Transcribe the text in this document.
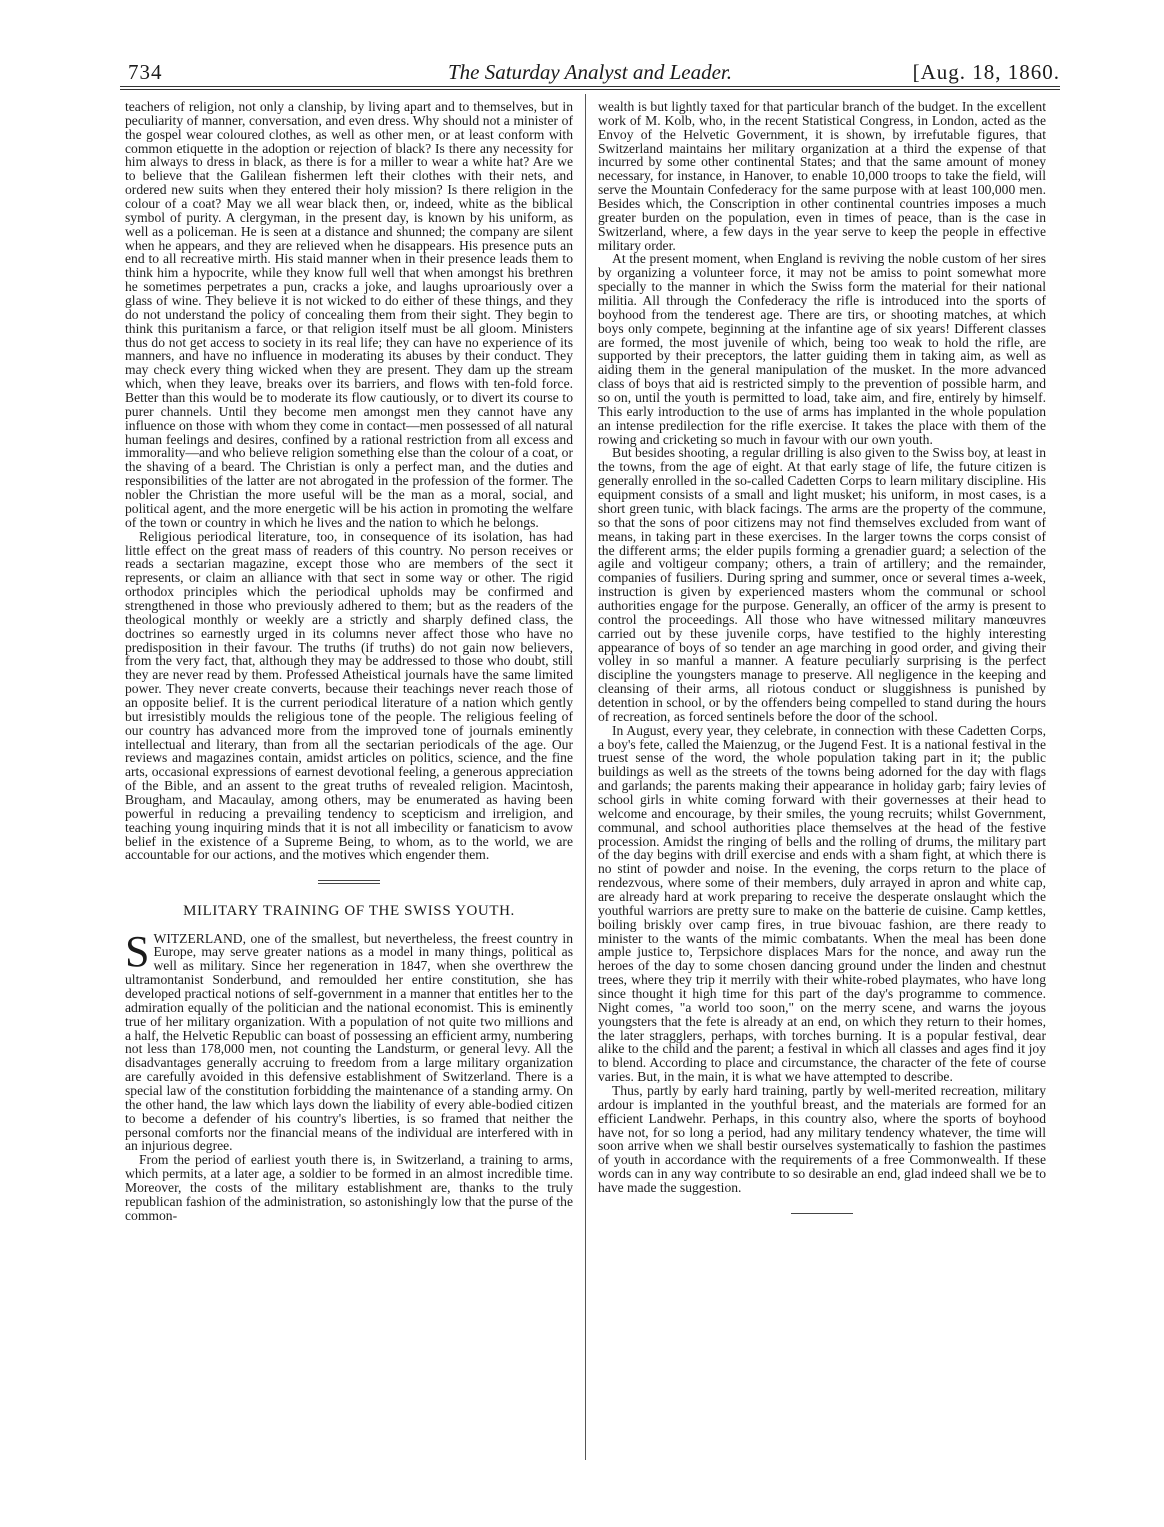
734	The Saturday Analyst and Leader.	[Aug. 18, 1860.

teachers of religion, not only a clanship, by living apart and to themselves, but in peculiarity of manner, conversation, and even dress. Why should not a minister of the gospel wear coloured clothes, as well as other men, or at least conform with common etiquette in the adoption or rejection of black? Is there any necessity for him always to dress in black, as there is for a miller to wear a white hat? Are we to believe that the Galilean fishermen left their clothes with their nets, and ordered new suits when they entered their holy mission? Is there religion in the colour of a coat? May we all wear black then, or, indeed, white as the biblical symbol of purity. A clergyman, in the present day, is known by his uniform, as well as a policeman. He is seen at a distance and shunned; the company are silent when he appears, and they are relieved when he disappears. His presence puts an end to all recreative mirth. His staid manner when in their presence leads them to think him a hypocrite, while they know full well that when amongst his brethren he sometimes perpetrates a pun, cracks a joke, and laughs uproariously over a glass of wine. They believe it is not wicked to do either of these things, and they do not understand the policy of concealing them from their sight. They begin to think this puritanism a farce, or that religion itself must be all gloom. Ministers thus do not get access to society in its real life; they can have no experience of its manners, and have no influence in moderating its abuses by their conduct. They may check every thing wicked when they are present. They dam up the stream which, when they leave, breaks over its barriers, and flows with ten-fold force. Better than this would be to moderate its flow cautiously, or to divert its course to purer channels. Until they become men amongst men they cannot have any influence on those with whom they come in contact—men possessed of all natural human feelings and desires, confined by a rational restriction from all excess and immorality—and who believe religion something else than the colour of a coat, or the shaving of a beard. The Christian is only a perfect man, and the duties and responsibilities of the latter are not abrogated in the profession of the former. The nobler the Christian the more useful will be the man as a moral, social, and political agent, and the more energetic will be his action in promoting the welfare of the town or country in which he lives and the nation to which he belongs.

Religious periodical literature, too, in consequence of its isolation, has had little effect on the great mass of readers of this country. No person receives or reads a sectarian magazine, except those who are members of the sect it represents, or claim an alliance with that sect in some way or other. The rigid orthodox principles which the periodical upholds may be confirmed and strengthened in those who previously adhered to them; but as the readers of the theological monthly or weekly are a strictly and sharply defined class, the doctrines so earnestly urged in its columns never affect those who have no predisposition in their favour. The truths (if truths) do not gain now believers, from the very fact, that, although they may be addressed to those who doubt, still they are never read by them. Professed Atheistical journals have the same limited power. They never create converts, because their teachings never reach those of an opposite belief. It is the current periodical literature of a nation which gently but irresistibly moulds the religious tone of the people. The religious feeling of our country has advanced more from the improved tone of journals eminently intellectual and literary, than from all the sectarian periodicals of the age. Our reviews and magazines contain, amidst articles on politics, science, and the fine arts, occasional expressions of earnest devotional feeling, a generous appreciation of the Bible, and an assent to the great truths of revealed religion. Macintosh, Brougham, and Macaulay, among others, may be enumerated as having been powerful in reducing a prevailing tendency to scepticism and irreligion, and teaching young inquiring minds that it is not all imbecility or fanaticism to avow belief in the existence of a Supreme Being, to whom, as to the world, we are accountable for our actions, and the motives which engender them.

MILITARY TRAINING OF THE SWISS YOUTH.

SWITZERLAND, one of the smallest, but nevertheless, the freest country in Europe, may serve greater nations as a model in many things, political as well as military. Since her regeneration in 1847, when she overthrew the ultramontanist Sonderbund, and remoulded her entire constitution, she has developed practical notions of self-government in a manner that entitles her to the admiration equally of the politician and the national economist. This is eminently true of her military organization. With a population of not quite two millions and a half, the Helvetic Republic can boast of possessing an efficient army, numbering not less than 178,000 men, not counting the Landsturm, or general levy. All the disadvantages generally accruing to freedom from a large military organization are carefully avoided in this defensive establishment of Switzerland. There is a special law of the constitution forbidding the maintenance of a standing army. On the other hand, the law which lays down the liability of every able-bodied citizen to become a defender of his country's liberties, is so framed that neither the personal comforts nor the financial means of the individual are interfered with in an injurious degree.

From the period of earliest youth there is, in Switzerland, a training to arms, which permits, at a later age, a soldier to be formed in an almost incredible time. Moreover, the costs of the military establishment are, thanks to the truly republican fashion of the administration, so astonishingly low that the purse of the common-

wealth is but lightly taxed for that particular branch of the budget. In the excellent work of M. Kolb, who, in the recent Statistical Congress, in London, acted as the Envoy of the Helvetic Government, it is shown, by irrefutable figures, that Switzerland maintains her military organization at a third the expense of that incurred by some other continental States; and that the same amount of money necessary, for instance, in Hanover, to enable 10,000 troops to take the field, will serve the Mountain Confederacy for the same purpose with at least 100,000 men. Besides which, the Conscription in other continental countries imposes a much greater burden on the population, even in times of peace, than is the case in Switzerland, where, a few days in the year serve to keep the people in effective military order.

At the present moment, when England is reviving the noble custom of her sires by organizing a volunteer force, it may not be amiss to point somewhat more specially to the manner in which the Swiss form the material for their national militia. All through the Confederacy the rifle is introduced into the sports of boyhood from the tenderest age. There are tirs, or shooting matches, at which boys only compete, beginning at the infantine age of six years! Different classes are formed, the most juvenile of which, being too weak to hold the rifle, are supported by their preceptors, the latter guiding them in taking aim, as well as aiding them in the general manipulation of the musket. In the more advanced class of boys that aid is restricted simply to the prevention of possible harm, and so on, until the youth is permitted to load, take aim, and fire, entirely by himself. This early introduction to the use of arms has implanted in the whole population an intense predilection for the rifle exercise. It takes the place with them of the rowing and cricketing so much in favour with our own youth.

But besides shooting, a regular drilling is also given to the Swiss boy, at least in the towns, from the age of eight. At that early stage of life, the future citizen is generally enrolled in the so-called Cadetten Corps to learn military discipline. His equipment consists of a small and light musket; his uniform, in most cases, is a short green tunic, with black facings. The arms are the property of the commune, so that the sons of poor citizens may not find themselves excluded from want of means, in taking part in these exercises. In the larger towns the corps consist of the different arms; the elder pupils forming a grenadier guard; a selection of the agile and voltigeur company; others, a train of artillery; and the remainder, companies of fusiliers. During spring and summer, once or several times a-week, instruction is given by experienced masters whom the communal or school authorities engage for the purpose. Generally, an officer of the army is present to control the proceedings. All those who have witnessed military manœuvres carried out by these juvenile corps, have testified to the highly interesting appearance of boys of so tender an age marching in good order, and giving their volley in so manful a manner. A feature peculiarly surprising is the perfect discipline the youngsters manage to preserve. All negligence in the keeping and cleansing of their arms, all riotous conduct or sluggishness is punished by detention in school, or by the offenders being compelled to stand during the hours of recreation, as forced sentinels before the door of the school.

In August, every year, they celebrate, in connection with these Cadetten Corps, a boy's fete, called the Maienzug, or the Jugend Fest. It is a national festival in the truest sense of the word, the whole population taking part in it; the public buildings as well as the streets of the towns being adorned for the day with flags and garlands; the parents making their appearance in holiday garb; fairy levies of school girls in white coming forward with their governesses at their head to welcome and encourage, by their smiles, the young recruits; whilst Government, communal, and school authorities place themselves at the head of the festive procession. Amidst the ringing of bells and the rolling of drums, the military part of the day begins with drill exercise and ends with a sham fight, at which there is no stint of powder and noise. In the evening, the corps return to the place of rendezvous, where some of their members, duly arrayed in apron and white cap, are already hard at work preparing to receive the desperate onslaught which the youthful warriors are pretty sure to make on the batterie de cuisine. Camp kettles, boiling briskly over camp fires, in true bivouac fashion, are there ready to minister to the wants of the mimic combatants. When the meal has been done ample justice to, Terpsichore displaces Mars for the nonce, and away run the heroes of the day to some chosen dancing ground under the linden and chestnut trees, where they trip it merrily with their white-robed playmates, who have long since thought it high time for this part of the day's programme to commence. Night comes, "a world too soon," on the merry scene, and warns the joyous youngsters that the fete is already at an end, on which they return to their homes, the later stragglers, perhaps, with torches burning. It is a popular festival, dear alike to the child and the parent; a festival in which all classes and ages find it joy to blend. According to place and circumstance, the character of the fete of course varies. But, in the main, it is what we have attempted to describe.

Thus, partly by early hard training, partly by well-merited recreation, military ardour is implanted in the youthful breast, and the materials are formed for an efficient Landwehr. Perhaps, in this country also, where the sports of boyhood have not, for so long a period, had any military tendency whatever, the time will soon arrive when we shall bestir ourselves systematically to fashion the pastimes of youth in accordance with the requirements of a free Commonwealth. If these words can in any way contribute to so desirable an end, glad indeed shall we be to have made the suggestion.
